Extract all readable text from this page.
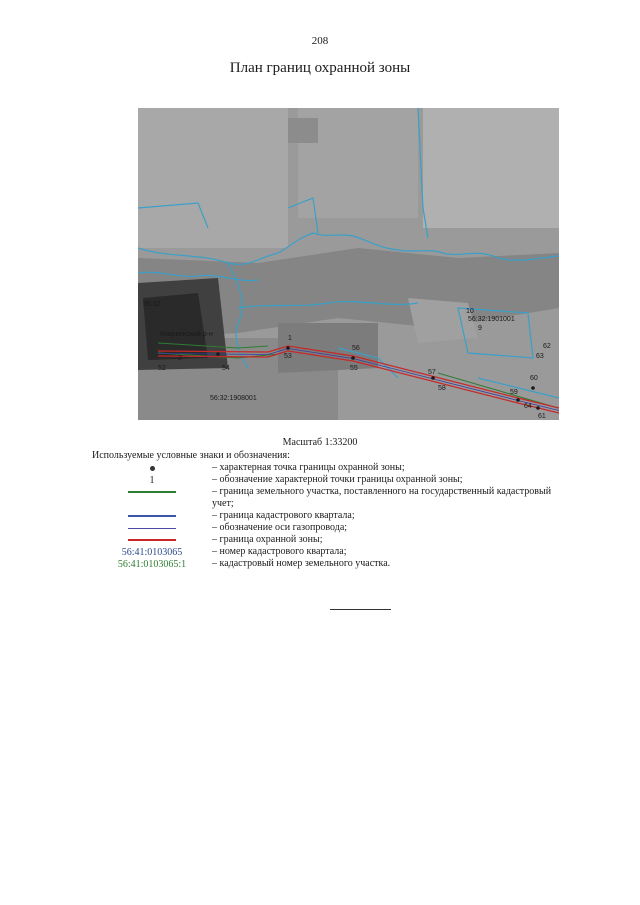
208
План границ охранной зоны
56:32:1908001
56:32:1901001
10
9
Кваркенский р-н
56:32
53
55
57
59
60
61
62
63
64
52	54
56
58
1
2
Масштаб 1:33200
Используемые условные знаки и обозначения:
– характерная точка границы охранной зоны;
1	– обозначение характерной точки границы охранной зоны;
– граница земельного участка, поставленного на государственный кадастровый учет;
– граница кадастрового квартала;
– обозначение оси газопровода;
– граница охранной зоны;
56:41:0103065	– номер кадастрового квартала;
56:41:0103065:1	– кадастровый номер земельного участка.
